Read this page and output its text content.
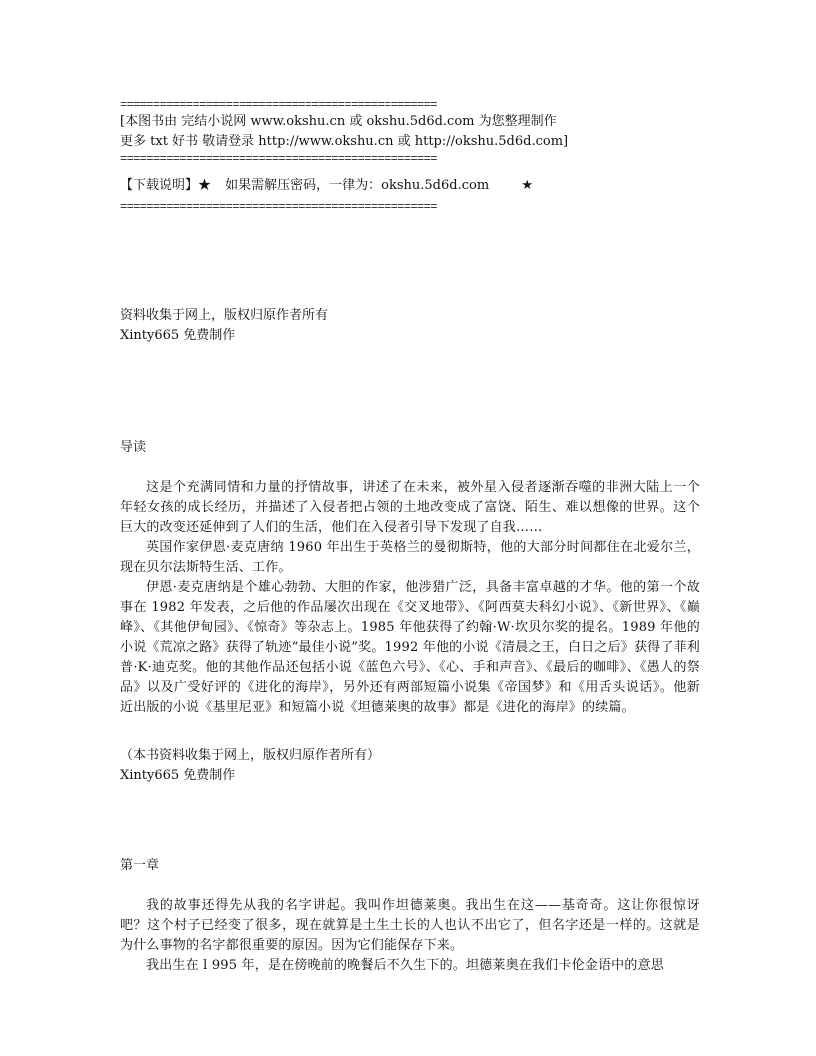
================================================
[本图书由 完结小说网 www.okshu.cn 或 okshu.5d6d.com 为您整理制作
更多 txt 好书 敬请登录 http://www.okshu.cn 或 http://okshu.5d6d.com]
================================================
【下载说明】★ 如果需解压密码，一律为：okshu.5d6d.com ★
================================================
资料收集于网上，版权归原作者所有
Xinty665 免费制作
导读

这是个充满同情和力量的抒情故事，讲述了在未来，被外星入侵者逐渐吞噬的非洲大陆上一个年轻女孩的成长经历，并描述了入侵者把占领的土地改变成了富饶、陌生、难以想像的世界。这个巨大的改变还延伸到了人们的生活，他们在入侵者引导下发现了自我……

英国作家伊恩·麦克唐纳 1960 年出生于英格兰的曼彻斯特，他的大部分时间都住在北爱尔兰，现在贝尔法斯特生活、工作。

伊恩·麦克唐纳是个雄心勃勃、大胆的作家，他涉猎广泛，具备丰富卓越的才华。他的第一个故事在 1982 年发表，之后他的作品屡次出现在《交叉地带》、《阿西莫夫科幻小说》、《新世界》、《巅峰》、《其他伊甸园》、《惊奇》等杂志上。1985 年他获得了约翰·W·坎贝尔奖的提名。1989 年他的小说《荒凉之路》获得了轨迹“最佳小说”奖。1992 年他的小说《清晨之王，白日之后》获得了菲利普·K·迪克奖。他的其他作品还包括小说《蓝色六号》、《心、手和声音》、《最后的咖啡》、《愚人的祭品》以及广受好评的《进化的海岸》，另外还有两部短篇小说集《帝国梦》和《用舌头说话》。他新近出版的小说《基里尼亚》和短篇小说《坦德莱奥的故事》都是《进化的海岸》的续篇。

（本书资料收集于网上，版权归原作者所有）
Xinty665 免费制作
第一章

我的故事还得先从我的名字讲起。我叫作坦德莱奥。我出生在这——基奇奇。这让你很惊讶吧？这个村子已经变了很多，现在就算是土生土长的人也认不出它了，但名字还是一样的。这就是为什么事物的名字都很重要的原因。因为它们能保存下来。

我出生在 l 995 年，是在傍晚前的晚餐后不久生下的。坦德莱奥在我们卡伦金语中的意思
